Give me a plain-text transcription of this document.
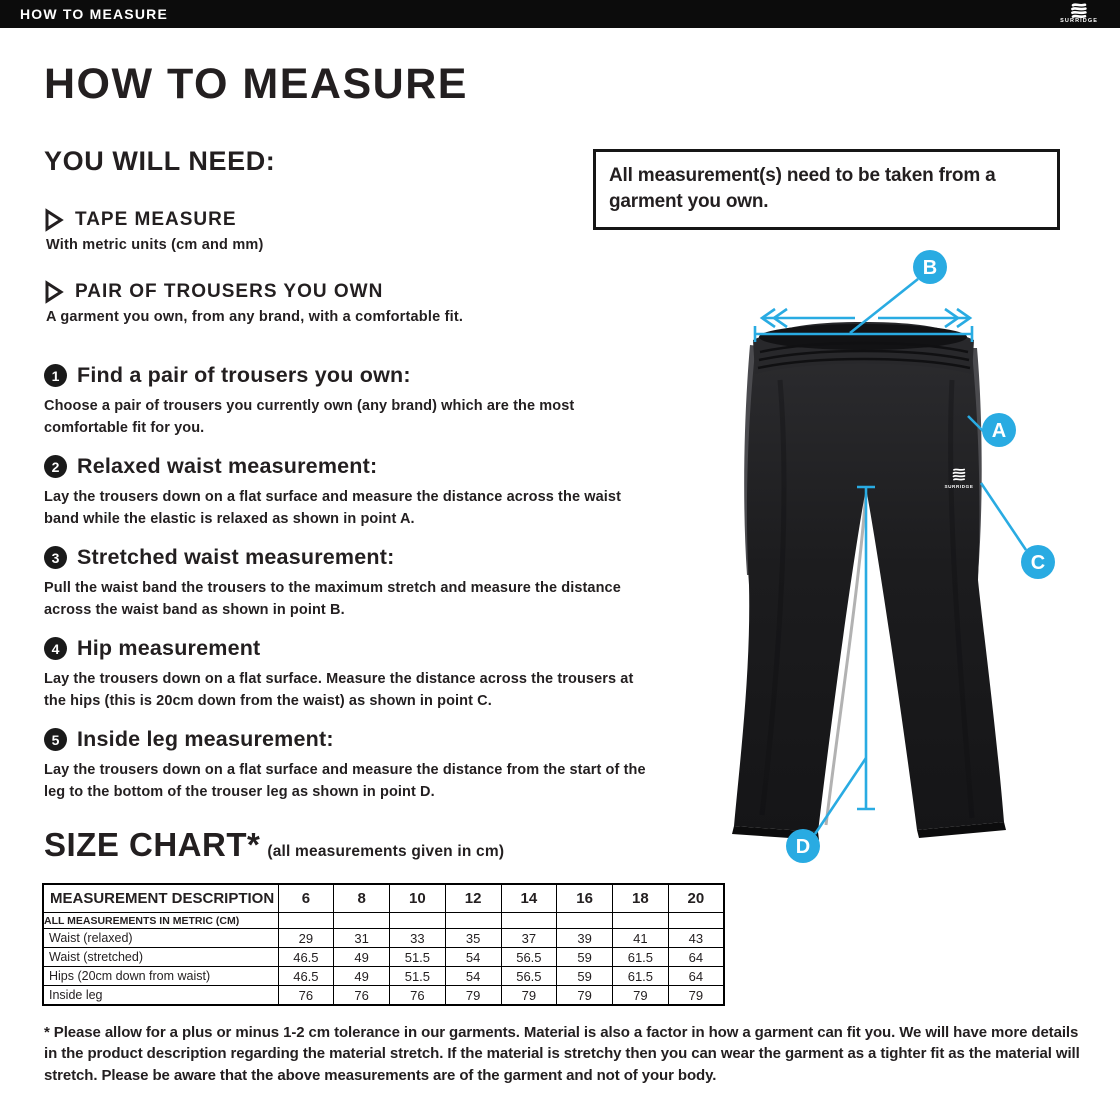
HOW TO MEASURE	SURRIDGE
HOW TO MEASURE
YOU WILL NEED:
TAPE MEASURE
With metric units (cm and mm)
PAIR OF TROUSERS YOU OWN
A garment you own, from any brand, with a comfortable fit.
All measurement(s) need to be taken from a garment you own.
1 Find a pair of trousers you own:
Choose a pair of trousers you currently own (any brand) which are the most comfortable fit for you.
2 Relaxed waist measurement:
Lay the trousers down on a flat surface and measure the distance across the waist band while the elastic is relaxed as shown in point A.
3 Stretched waist measurement:
Pull the waist band the trousers to the maximum stretch and measure the distance across the waist band as shown in point B.
4 Hip measurement
Lay the trousers down on a flat surface. Measure the distance across the trousers at the hips (this is 20cm down from the waist) as shown in point C.
5 Inside leg measurement:
Lay the trousers down on a flat surface and measure the distance from the start of the leg to the bottom of the trouser leg as shown in point D.
SIZE CHART* (all measurements given in cm)
MEASUREMENT DESCRIPTION	6	8	10	12	14	16	18	20
ALL MEASUREMENTS IN METRIC (CM)								
Waist (relaxed)	29	31	33	35	37	39	41	43
Waist (stretched)	46.5	49	51.5	54	56.5	59	61.5	64
Hips (20cm down from waist)	46.5	49	51.5	54	56.5	59	61.5	64
Inside leg	76	76	76	79	79	79	79	79
* Please allow for a plus or minus 1-2 cm tolerance in our garments. Material is also a factor in how a garment can fit you. We will have more details in the product description regarding the material stretch. If the material is stretchy then you can wear the garment as a tighter fit as the material will stretch. Please be aware that the above measurements are of the garment and not of your body.
SURRIDGE
B
A
C
D
